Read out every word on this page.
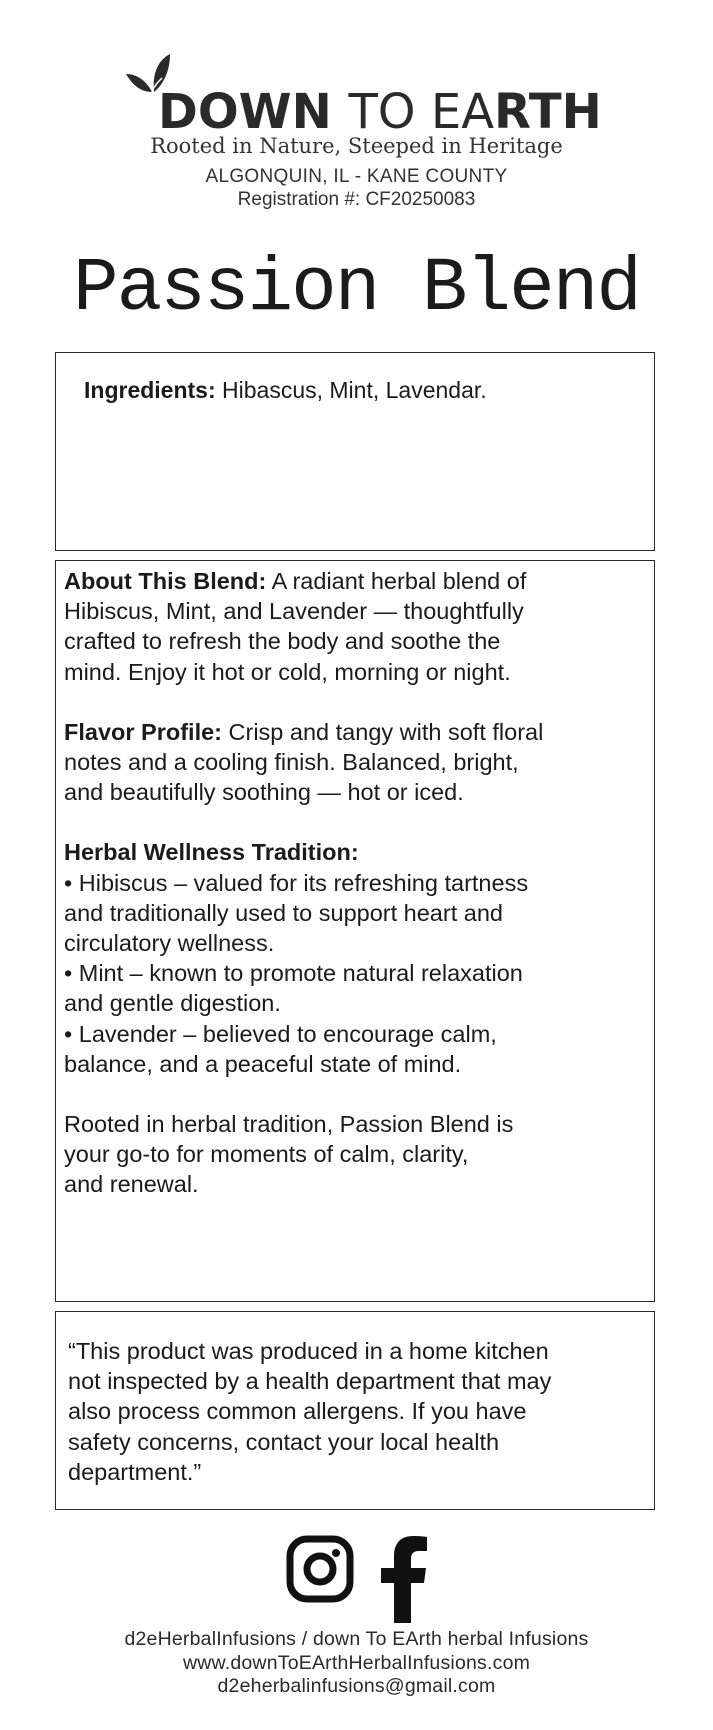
DOWN TO EARTH
Rooted in Nature, Steeped in Heritage
ALGONQUIN, IL - KANE COUNTY
Registration #: CF20250083
Passion Blend
Ingredients: Hibascus, Mint, Lavendar.
About This Blend: A radiant herbal blend of
Hibiscus, Mint, and Lavender — thoughtfully
crafted to refresh the body and soothe the
mind. Enjoy it hot or cold, morning or night.
Flavor Profile: Crisp and tangy with soft floral
notes and a cooling finish. Balanced, bright,
and beautifully soothing — hot or iced.
Herbal Wellness Tradition:
• Hibiscus – valued for its refreshing tartness
and traditionally used to support heart and
circulatory wellness.
• Mint – known to promote natural relaxation
and gentle digestion.
• Lavender – believed to encourage calm,
balance, and a peaceful state of mind.
Rooted in herbal tradition, Passion Blend is
your go-to for moments of calm, clarity,
and renewal.
“This product was produced in a home kitchen
not inspected by a health department that may
also process common allergens. If you have
safety concerns, contact your local health
department.”
d2eHerbalInfusions / down To EArth herbal Infusions
www.downToEArthHerbalInfusions.com
d2eherbalinfusions@gmail.com
